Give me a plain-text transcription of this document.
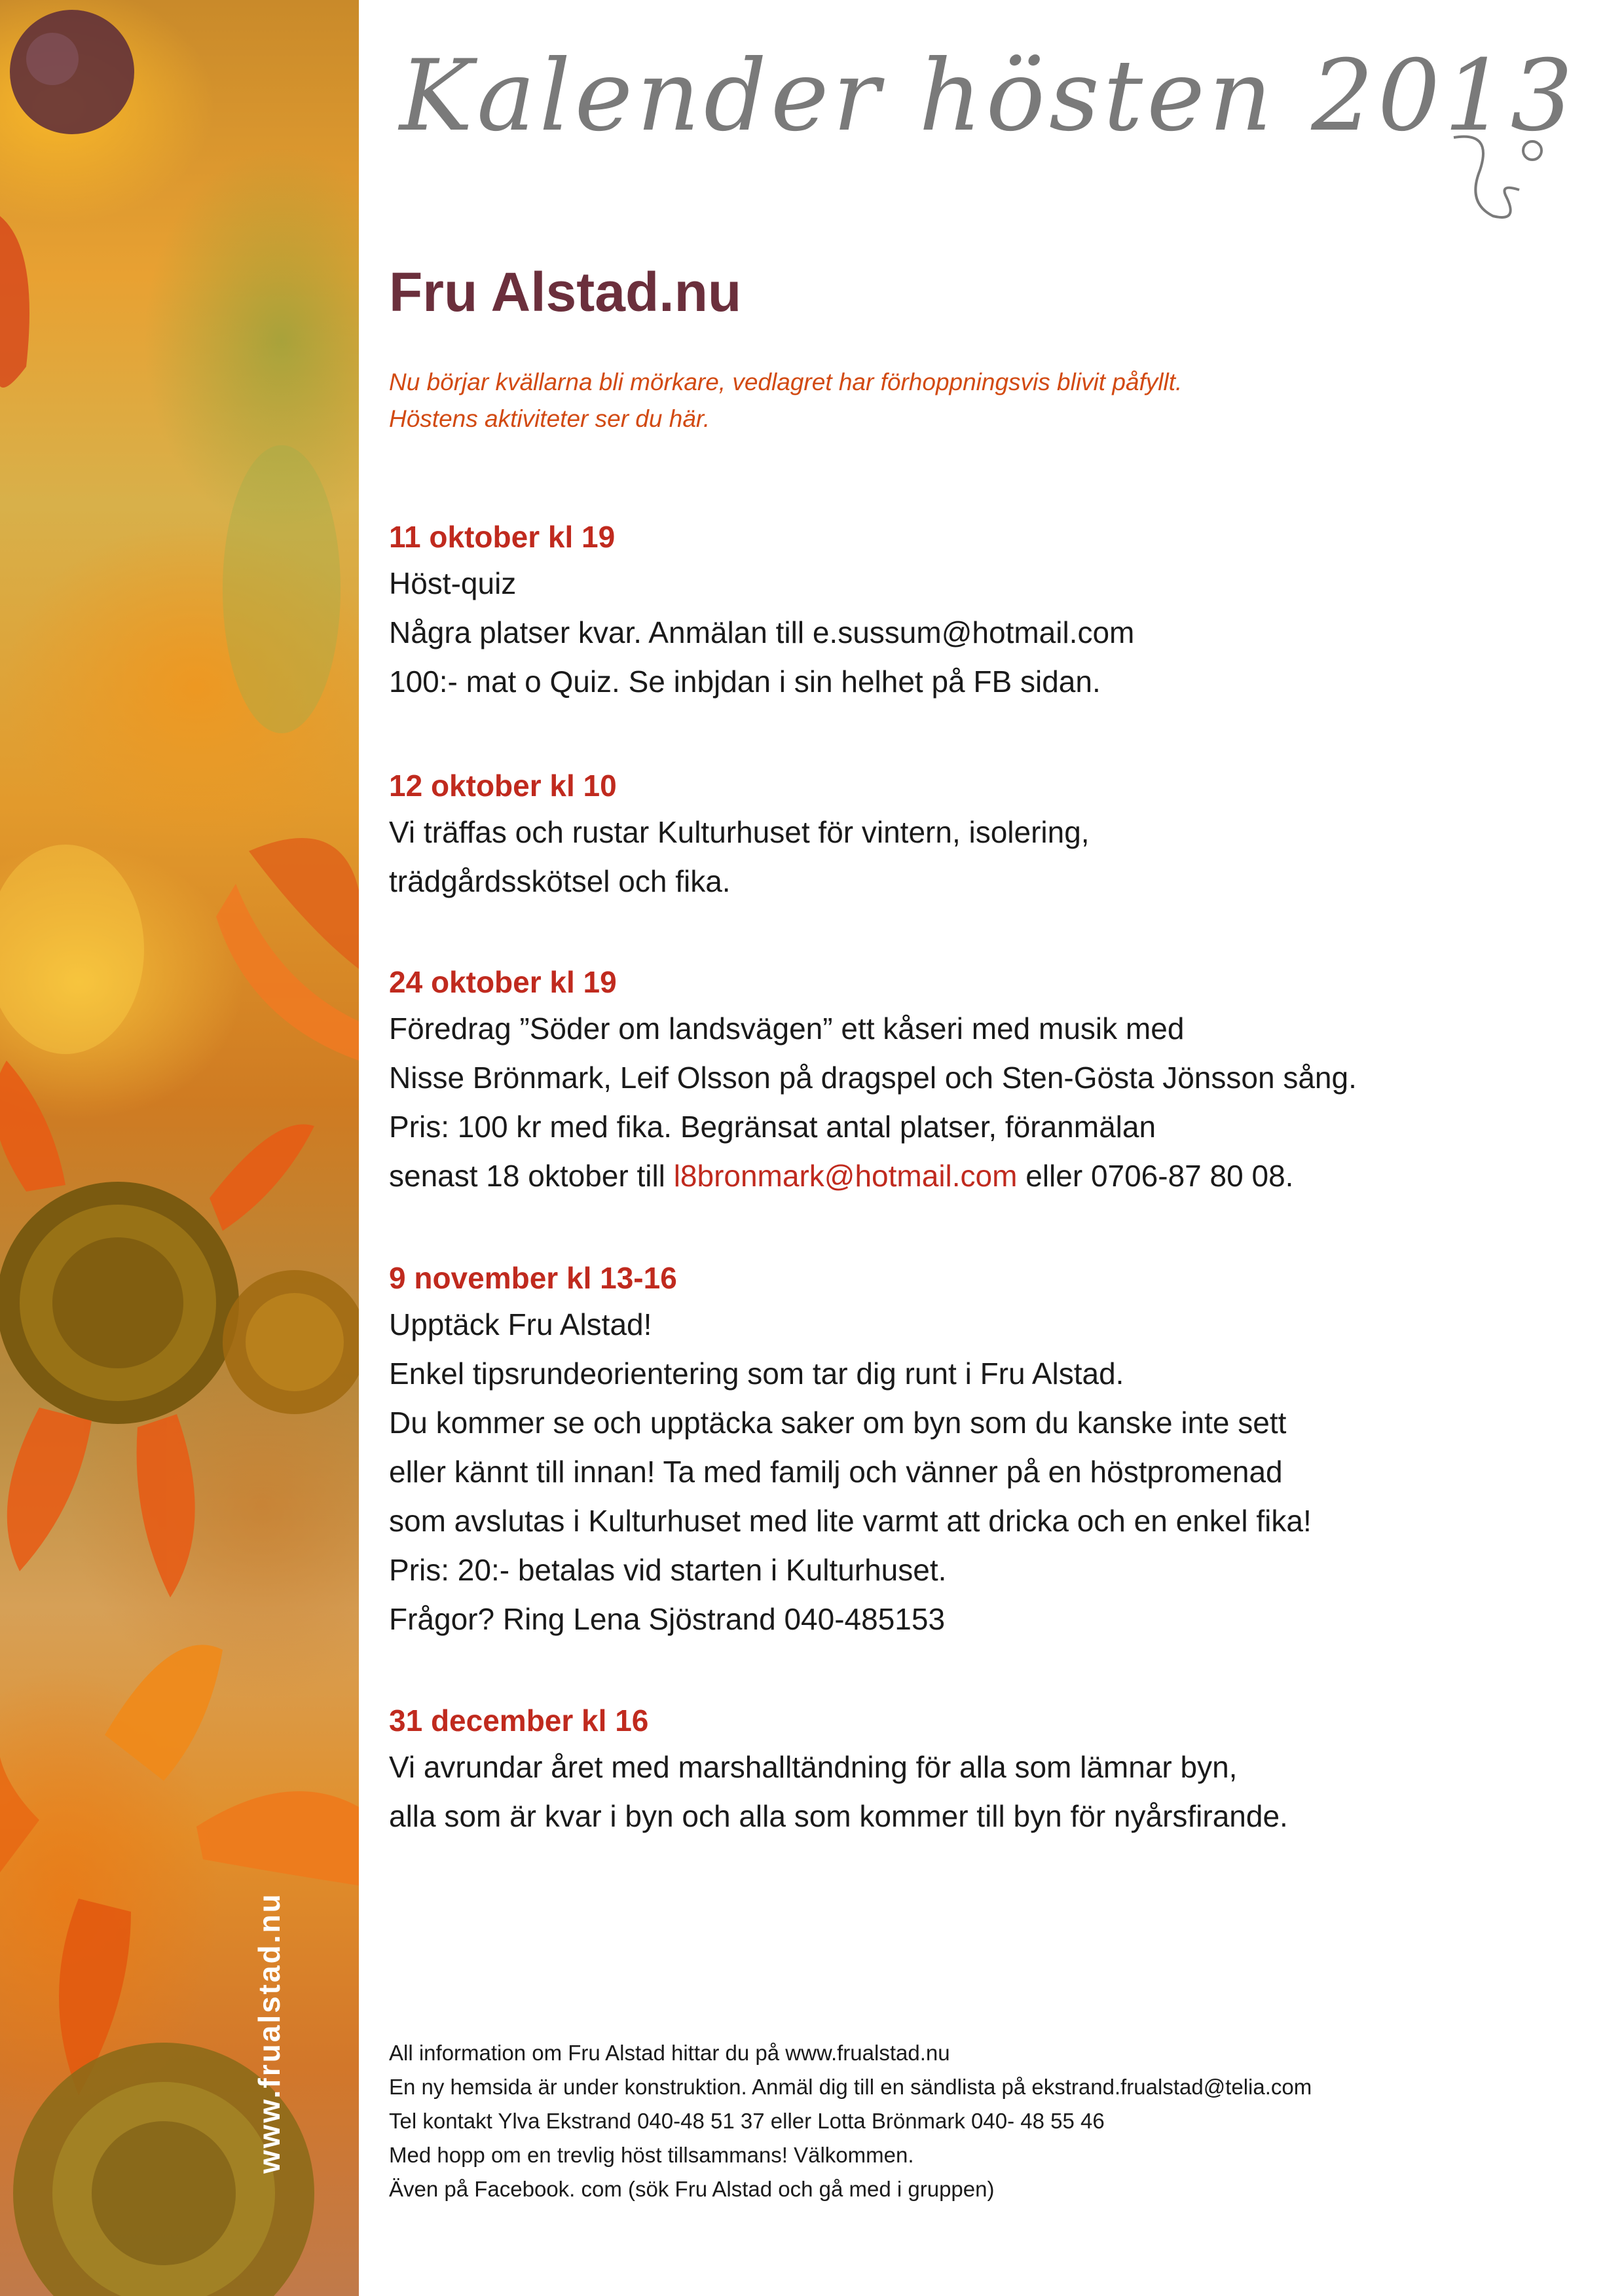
www.frualstad.nu
Kalender hösten 2013
Fru Alstad.nu
Nu börjar kvällarna bli mörkare, vedlagret har förhoppningsvis blivit påfyllt.
Höstens aktiviteter ser du här.
11 oktober kl 19
Höst-quiz
Några platser kvar. Anmälan till e.sussum@hotmail.com
100:- mat o Quiz. Se inbjdan i sin helhet på FB sidan.
12 oktober kl 10
Vi träffas och rustar Kulturhuset för vintern, isolering,
trädgårdsskötsel och fika.
24 oktober kl 19
Föredrag ”Söder om landsvägen” ett kåseri med musik med
Nisse Brönmark, Leif Olsson på dragspel och Sten-Gösta Jönsson sång.
Pris: 100 kr med fika. Begränsat antal platser, föranmälan
senast 18 oktober till l8bronmark@hotmail.com eller 0706-87 80 08.
9 november kl 13-16
Upptäck Fru Alstad!
Enkel tipsrundeorientering som tar dig runt i Fru Alstad.
Du kommer se och upptäcka saker om byn som du kanske inte sett
eller kännt till innan! Ta med familj och vänner på en höstpromenad
som avslutas i Kulturhuset med lite varmt att dricka och en enkel fika!
Pris: 20:- betalas vid starten i Kulturhuset.
Frågor? Ring Lena Sjöstrand 040-485153
31 december kl 16
Vi avrundar året med marshalltändning för alla som lämnar byn,
alla som är kvar i byn och alla som kommer till byn för nyårsfirande.
All information om Fru Alstad hittar du på www.frualstad.nu
En ny hemsida är under konstruktion. Anmäl dig till en sändlista på ekstrand.frualstad@telia.com
Tel kontakt Ylva Ekstrand 040-48 51 37 eller Lotta Brönmark 040- 48 55 46
Med hopp om en trevlig höst tillsammans! Välkommen.
Även på Facebook. com (sök Fru Alstad och gå med i gruppen)
